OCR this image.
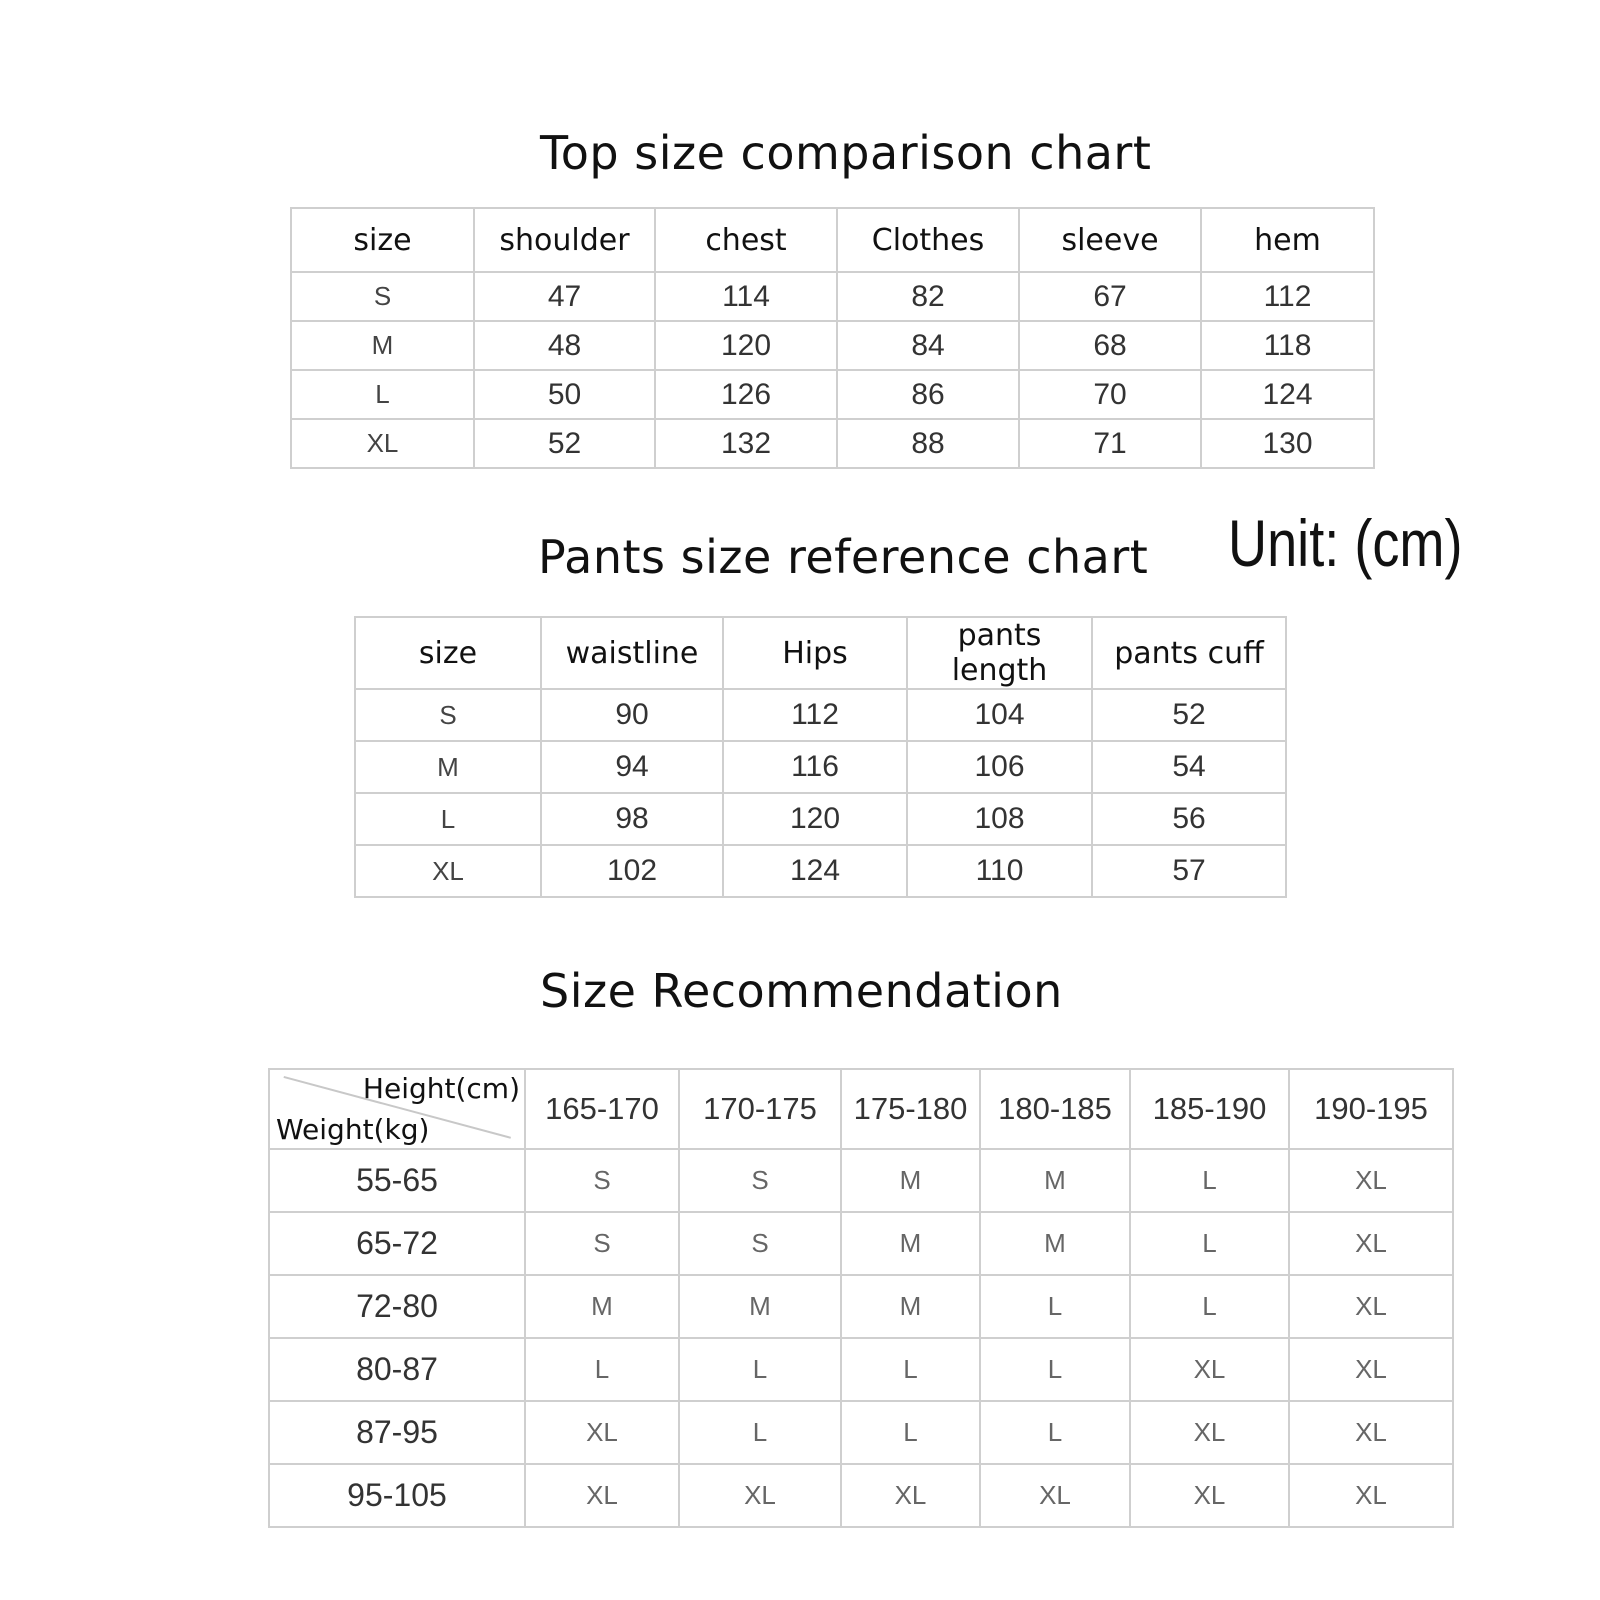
Top size comparison chart
size	shoulder	chest	Clothes	sleeve	hem
S	47	114	82	67	112
M	48	120	84	68	118
L	50	126	86	70	124
XL	52	132	88	71	130
Unit: (cm)
Pants size reference chart
size	waistline	Hips	pants length	pants cuff
S	90	112	104	52
M	94	116	106	54
L	98	120	108	56
XL	102	124	110	57
Size Recommendation
Height(cm)
Weight(kg)	165-170	170-175	175-180	180-185	185-190	190-195
55-65	S	S	M	M	L	XL
65-72	S	S	M	M	L	XL
72-80	M	M	M	L	L	XL
80-87	L	L	L	L	XL	XL
87-95	XL	L	L	L	XL	XL
95-105	XL	XL	XL	XL	XL	XL
